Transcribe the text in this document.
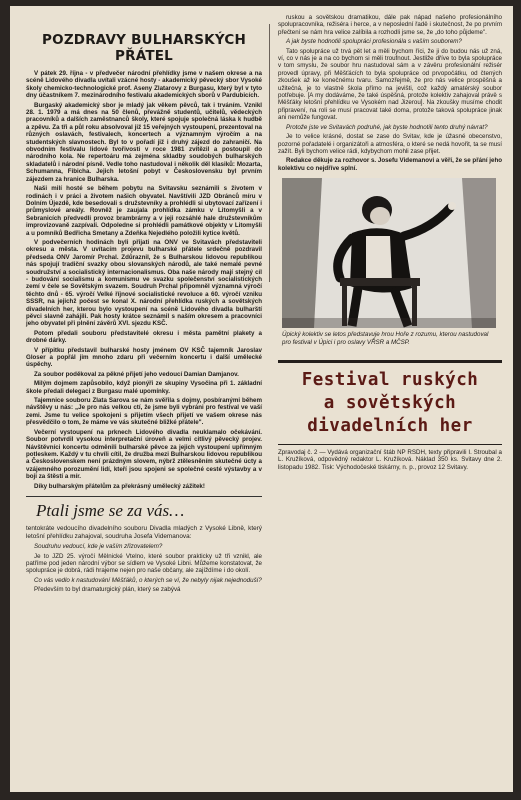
POZDRAVY BULHARSKÝCH PŘÁTEL

V pátek 29. října - v předvečer národní přehlídky jsme v našem okrese a na scéně Lidového divadla uvítali vzácné hosty - akademický pěvecký sbor Vysoké školy chemicko-technologické prof. Aseny Zlatarovy z Burgasu, který byl v tyto dny účastníkem 7. mezinárodního festivalu akademických sborů v Pardubicích.

Burgaský akademický sbor je mladý jak věkem pěvců, tak i trváním. Vznikl 28. 1. 1979 a má dnes na 50 členů, převážně studentů, učitelů, vědeckých pracovníků a dalších zaměstnanců školy, které spojuje společná láska k hudbě a zpěvu. Za tři a půl roku absolvoval již 15 veřejných vystoupení, prezentoval na různých oslavách, festivalech, koncertech a významným výročím a na studentských slavnostech. Byl to v pořadí již i druhý zájezd do zahraničí. Na obvodním festivalu lidové tvořivosti v roce 1981 zvítězil a postoupil do národního kola. Ne repertoáru má zejména skladby soudobých bulharských skladatelů i národní písně. Vedle toho nastudoval i několik děl klasiků: Mozarta, Schumanna, Fibicha. Jejich letošní pobyt v Československu byl prvním zájezdem za hranice Bulharska.

Naši milí hosté se během pobytu na Svitavsku seznámili s životem v rodinách i v práci a životem našich obyvatel. Navštívili JZD Obránců míru v Dolním Újezdě, kde besedovali s družstevníky a prohlédli si ubytovací zařízení i průmyslové areály. Rovněž je zaujala prohlídka zámku v Litomyšli a v Sebranicích předvedli provoz brambrárny a v jeji rozsáhlé hale družstevníkům improvizovaně zazpívali. Odpoledne si prohlédli památkové objekty v Litomyšli a u pomníků Bedřicha Smetany a Zdeňka Nejedlého položili kytice květů.

V podvečerních hodinách byli přijati na ONV ve Svitavách představiteli okresu a města. V uvítacím projevu bulharské přátele srdečně pozdravil předseda ONV Jaromír Prchal. Zdůraznil, že s Bulharskou lidovou republikou nás spojují tradiční svazky obou slovanských národů, ale také nemalé pevné soudružství a socialistický internacionalismus. Oba naše národy mají stejný cíl - budování socialismu a komunismu ve svazku společenství socialistických zemí v čele se Sovětským svazem. Soudruh Prchal připomněl významná výročí těchto dnů - 65. výročí Velké říjnové socialistické revoluce a 60. výročí vzniku SSSR, na jejichž počest se konal X. národní přehlídka ruských a sovětských divadelních her, kterou bylo vystoupení na scéně Lidového divadla bulharští pěvci slavně zahájili. Pak hosty krátce seznámil s naším okresem a pracovníci jeho obyvatel při plnění závěrů XVI. sjezdu KSČ.

Potom předali souboru představitelé okresu i města pamětní plakety a drobné dárky.

V přípitku představil bulharské hosty jménem OV KSČ tajemník Jaroslav Gloser a popřál jim mnoho zdaru při večerním koncertu i další umělecké úspěchy.

Za soubor poděkoval za pěkné přijetí jeho vedoucí Damian Damjanov.

Milým dojmem zapůsobilo, když pionýři ze skupiny Vysočina při 1. základní škole předali delegaci z Burgasu malé upomínky.

Tajemnice souboru Zlata Sarova se nám svěřila s dojmy, posbíranými během návštěvy u nás: „Je pro nás velkou ctí, že jsme byli vybráni pro festival ve vaší zemi. Jsme tu velice spokojeni s přijetím všech přijetí ve vašem okrese nás přesvědčilo o tom, že máme ve vás skutečné bližké přátele".

Večerní vystoupení na prknech Lidového divadla neuklamalo očekávání. Soubor potvrdil vysokou interpretační úroveň a velmi citlivý pěvecký projev. Návštěvníci koncertu odměnili bulharské pěvce za jejich vystoupení upřímným potleskem. Každý v tu chvíli cítil, že družba mezi Bulharskou lidovou republikou a Československem není prázdným slovem, nýbrž ztělesněním skutečné úcty a vzájemného porozumění lidí, kteří jsou spojeni se společné cesté výstavby a v boji za štěstí a mír.

Díky bulharským přátelům za překrásný umělecký zážitek!

Ptali jsme se za vás…

tentokráte vedoucího divadelního souboru Divadla mladých z Vysoké Libně, který letošní přehlídku zahajoval, soudruha Josefa Videmanova:

Soudruhu vedoucí, kde je vaším zřizovatelem?

Je to JZD 25. výročí Mělnické Vtelno, které soubor prakticky už tři vznikl, ale patříme pod jeden národní výbor se sídlem ve Vysoké Libni. Můžeme konstatovat, že spolupráce je dobrá, rádi hrajeme nejen pro naše občany, ale zajíždíme i do okolí.

Co vás vedlo k nastudování Měšťáků, o kterých se ví, že nebyly nijak nejednoduší?

Především to byl dramaturgický plán, který se zabývá

ruskou a sovětskou dramatikou, dále pak nápad našeho profesionálního spolupracovníka, režiséra i herce, a v neposlední řadě i skutečnost, že po prvním přečtení se nám hra velice zalíbila a rozhodli jsme se, že „do toho půjdeme".

A jak byste hodnotili spolupráci profesionála s vaším souborem?

Tato spolupráce už trvá pět let a měli bychom říci, že ji do budou nás už zná, ví, co v nás je a na co bychom si měli troufnout. Jestliže dříve to byla spolupráce v tom smyslu, že soubor hru nastudoval sám a v závěru profesionální režisér provedl úpravy, při Měšťácích to byla spolupráce od prvopočátku, od čtených zkoušek až ke konečnému tvaru. Samozřejmě, že pro nás velice prospěšná a užitečná, je to vlastně škola přímo na jevišti, což každý amatérský soubor potřebuje. [A my dodáváme, že také úspěšná, protože kolektiv zahajoval právě s Měšťáky letošní přehlídku ve Vysokém nad Jizerou]. Na zkoušky musíme chodit připravení, na roli se musí pracovat také doma, protože taková spolupráce jinak ani nemůže fungovat.

Protože jste ve Svitavách podruhé, jak byste hodnotili tento druhý návrat?

Je to velice krásné, dostat se zase do Svitav, kde je úžasné obecenstvo, pozorné pořadatelé i organizátoři a atmosféra, o které se nedá hovořit, ta se musí zažít. Byli bychom velice rádi, kdybychom mohli zase přijet.

Redakce děkuje za rozhovor s. Josefu Videmanovi a věří, že se přání jeho kolektivu co nejdříve splní.

Úpický kolektiv se letos představuje hrou Hoře z rozumu, kterou nastudoval pro festival v Úpici i pro oslavy VŘSR a MČSP.

Festival ruských
a sovětských
divadelních her

Zpravodaj č. 2 — Vydává organizační štáb NP RSDH, texty připravili I. Stroubal a L. Kružíková, odpovědný redaktor L. Kružíková. Náklad 350 ks. Svitavy dne 2. listopadu 1982. Tisk: Východočeské tiskárny, n. p., provoz 12 Svitavy.
